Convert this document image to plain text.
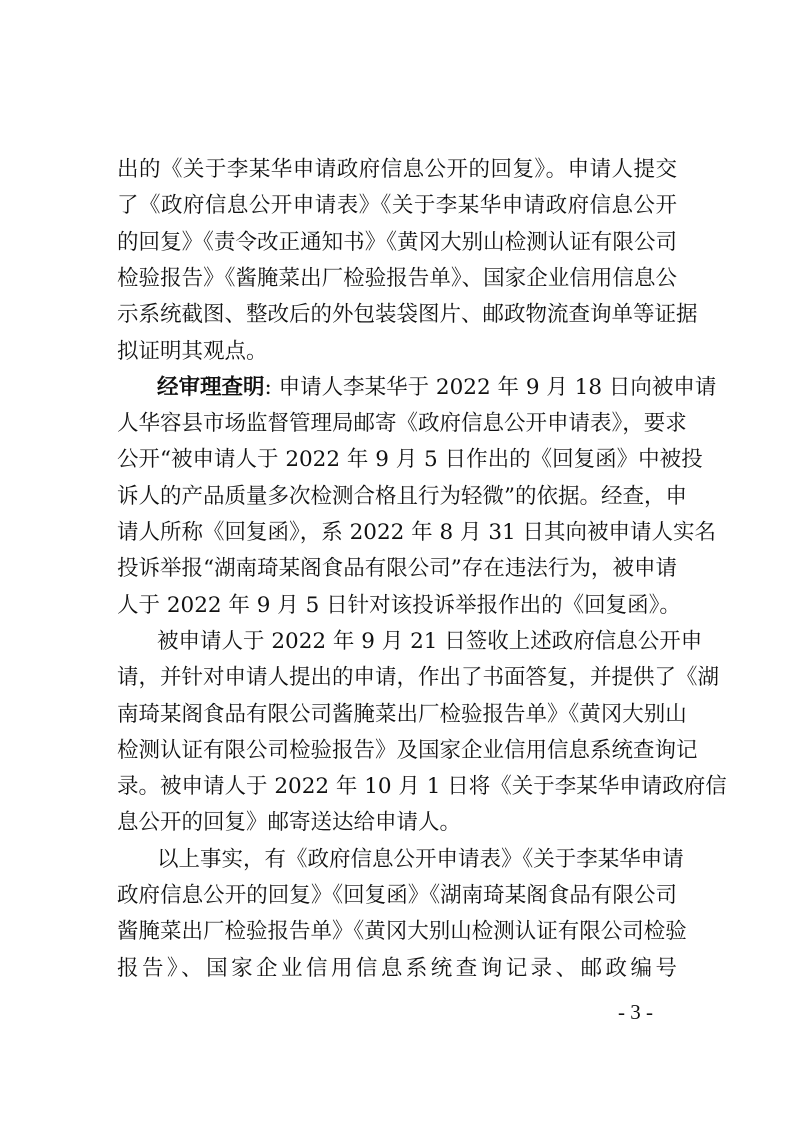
出的《关于李某华申请政府信息公开的回复》。申请人提交
了《政府信息公开申请表》《关于李某华申请政府信息公开
的回复》《责令改正通知书》《黄冈大别山检测认证有限公司
检验报告》《酱腌菜出厂检验报告单》、国家企业信用信息公
示系统截图、整改后的外包装袋图片、邮政物流查询单等证据
拟证明其观点。
经审理查明: 申请人李某华于 2022 年 9 月 18 日向被申请
人华容县市场监督管理局邮寄《政府信息公开申请表》，要求
公开“被申请人于 2022 年 9 月 5 日作出的《回复函》中被投
诉人的产品质量多次检测合格且行为轻微”的依据。经查，申
请人所称《回复函》，系 2022 年 8 月 31 日其向被申请人实名
投诉举报“湖南琦某阁食品有限公司”存在违法行为，被申请
人于 2022 年 9 月 5 日针对该投诉举报作出的《回复函》。
被申请人于 2022 年 9 月 21 日签收上述政府信息公开申
请，并针对申请人提出的申请，作出了书面答复，并提供了《湖
南琦某阁食品有限公司酱腌菜出厂检验报告单》《黄冈大别山
检测认证有限公司检验报告》及国家企业信用信息系统查询记
录。被申请人于 2022 年 10 月 1 日将《关于李某华申请政府信
息公开的回复》邮寄送达给申请人。
以上事实，有《政府信息公开申请表》《关于李某华申请
政府信息公开的回复》《回复函》《湖南琦某阁食品有限公司
酱腌菜出厂检验报告单》《黄冈大别山检测认证有限公司检验
报告》、国家企业信用信息系统查询记录、邮政编号
- 3 -
